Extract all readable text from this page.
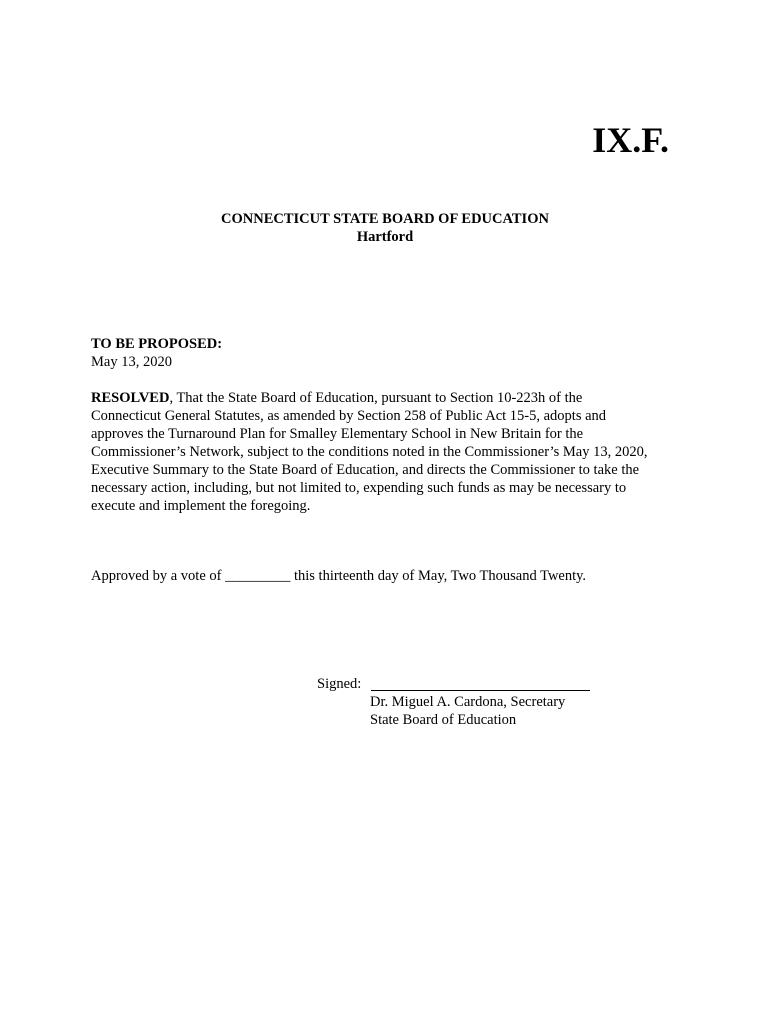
IX.F.
CONNECTICUT STATE BOARD OF EDUCATION
Hartford
TO BE PROPOSED:
May 13, 2020
RESOLVED, That the State Board of Education, pursuant to Section 10-223h of the
Connecticut General Statutes, as amended by Section 258 of Public Act 15-5, adopts and
approves the Turnaround Plan for Smalley Elementary School in New Britain for the
Commissioner’s Network, subject to the conditions noted in the Commissioner’s May 13, 2020,
Executive Summary to the State Board of Education, and directs the Commissioner to take the
necessary action, including, but not limited to, expending such funds as may be necessary to
execute and implement the foregoing.
Approved by a vote of _________ this thirteenth day of May, Two Thousand Twenty.
Signed:
Dr. Miguel A. Cardona, Secretary
State Board of Education
